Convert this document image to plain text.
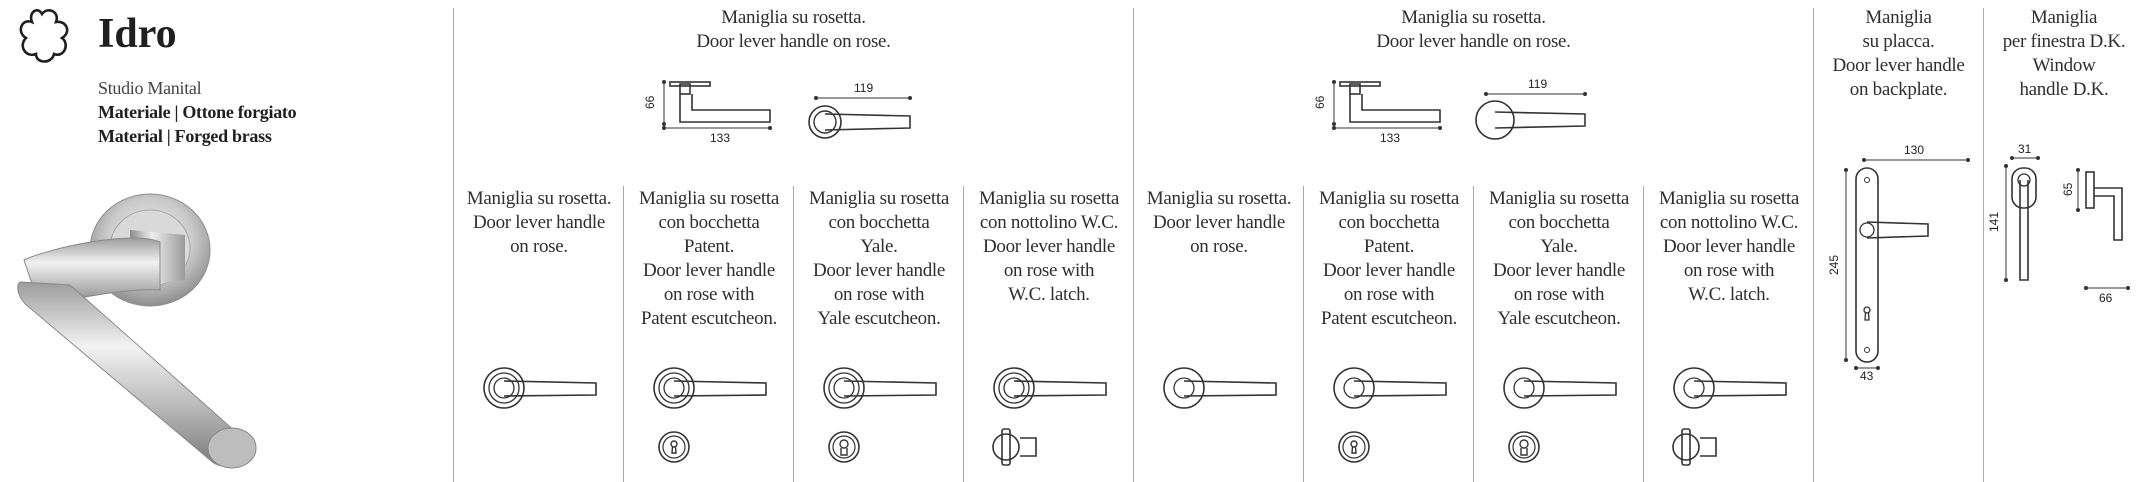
Idro
Studio Manital
Materiale | Ottone forgiato
Material | Forged brass
Maniglia su rosetta.
Door lever handle on rose.
66
133
119
Maniglia su rosetta.
Door lever handle
on rose.
Maniglia su rosetta
con bocchetta
Patent.
Door lever handle
on rose with
Patent escutcheon.
Maniglia su rosetta
con bocchetta
Yale.
Door lever handle
on rose with
Yale escutcheon.
Maniglia su rosetta
con nottolino W.C.
Door lever handle
on rose with
W.C. latch.
Maniglia su rosetta.
Door lever handle on rose.
66
133
119
Maniglia su rosetta.
Door lever handle
on rose.
Maniglia su rosetta
con bocchetta
Patent.
Door lever handle
on rose with
Patent escutcheon.
Maniglia su rosetta
con bocchetta
Yale.
Door lever handle
on rose with
Yale escutcheon.
Maniglia su rosetta
con nottolino W.C.
Door lever handle
on rose with
W.C. latch.
Maniglia
su placca.
Door lever handle
on backplate.
130
245
43
Maniglia
per finestra D.K.
Window
handle D.K.
31
141
65
66
